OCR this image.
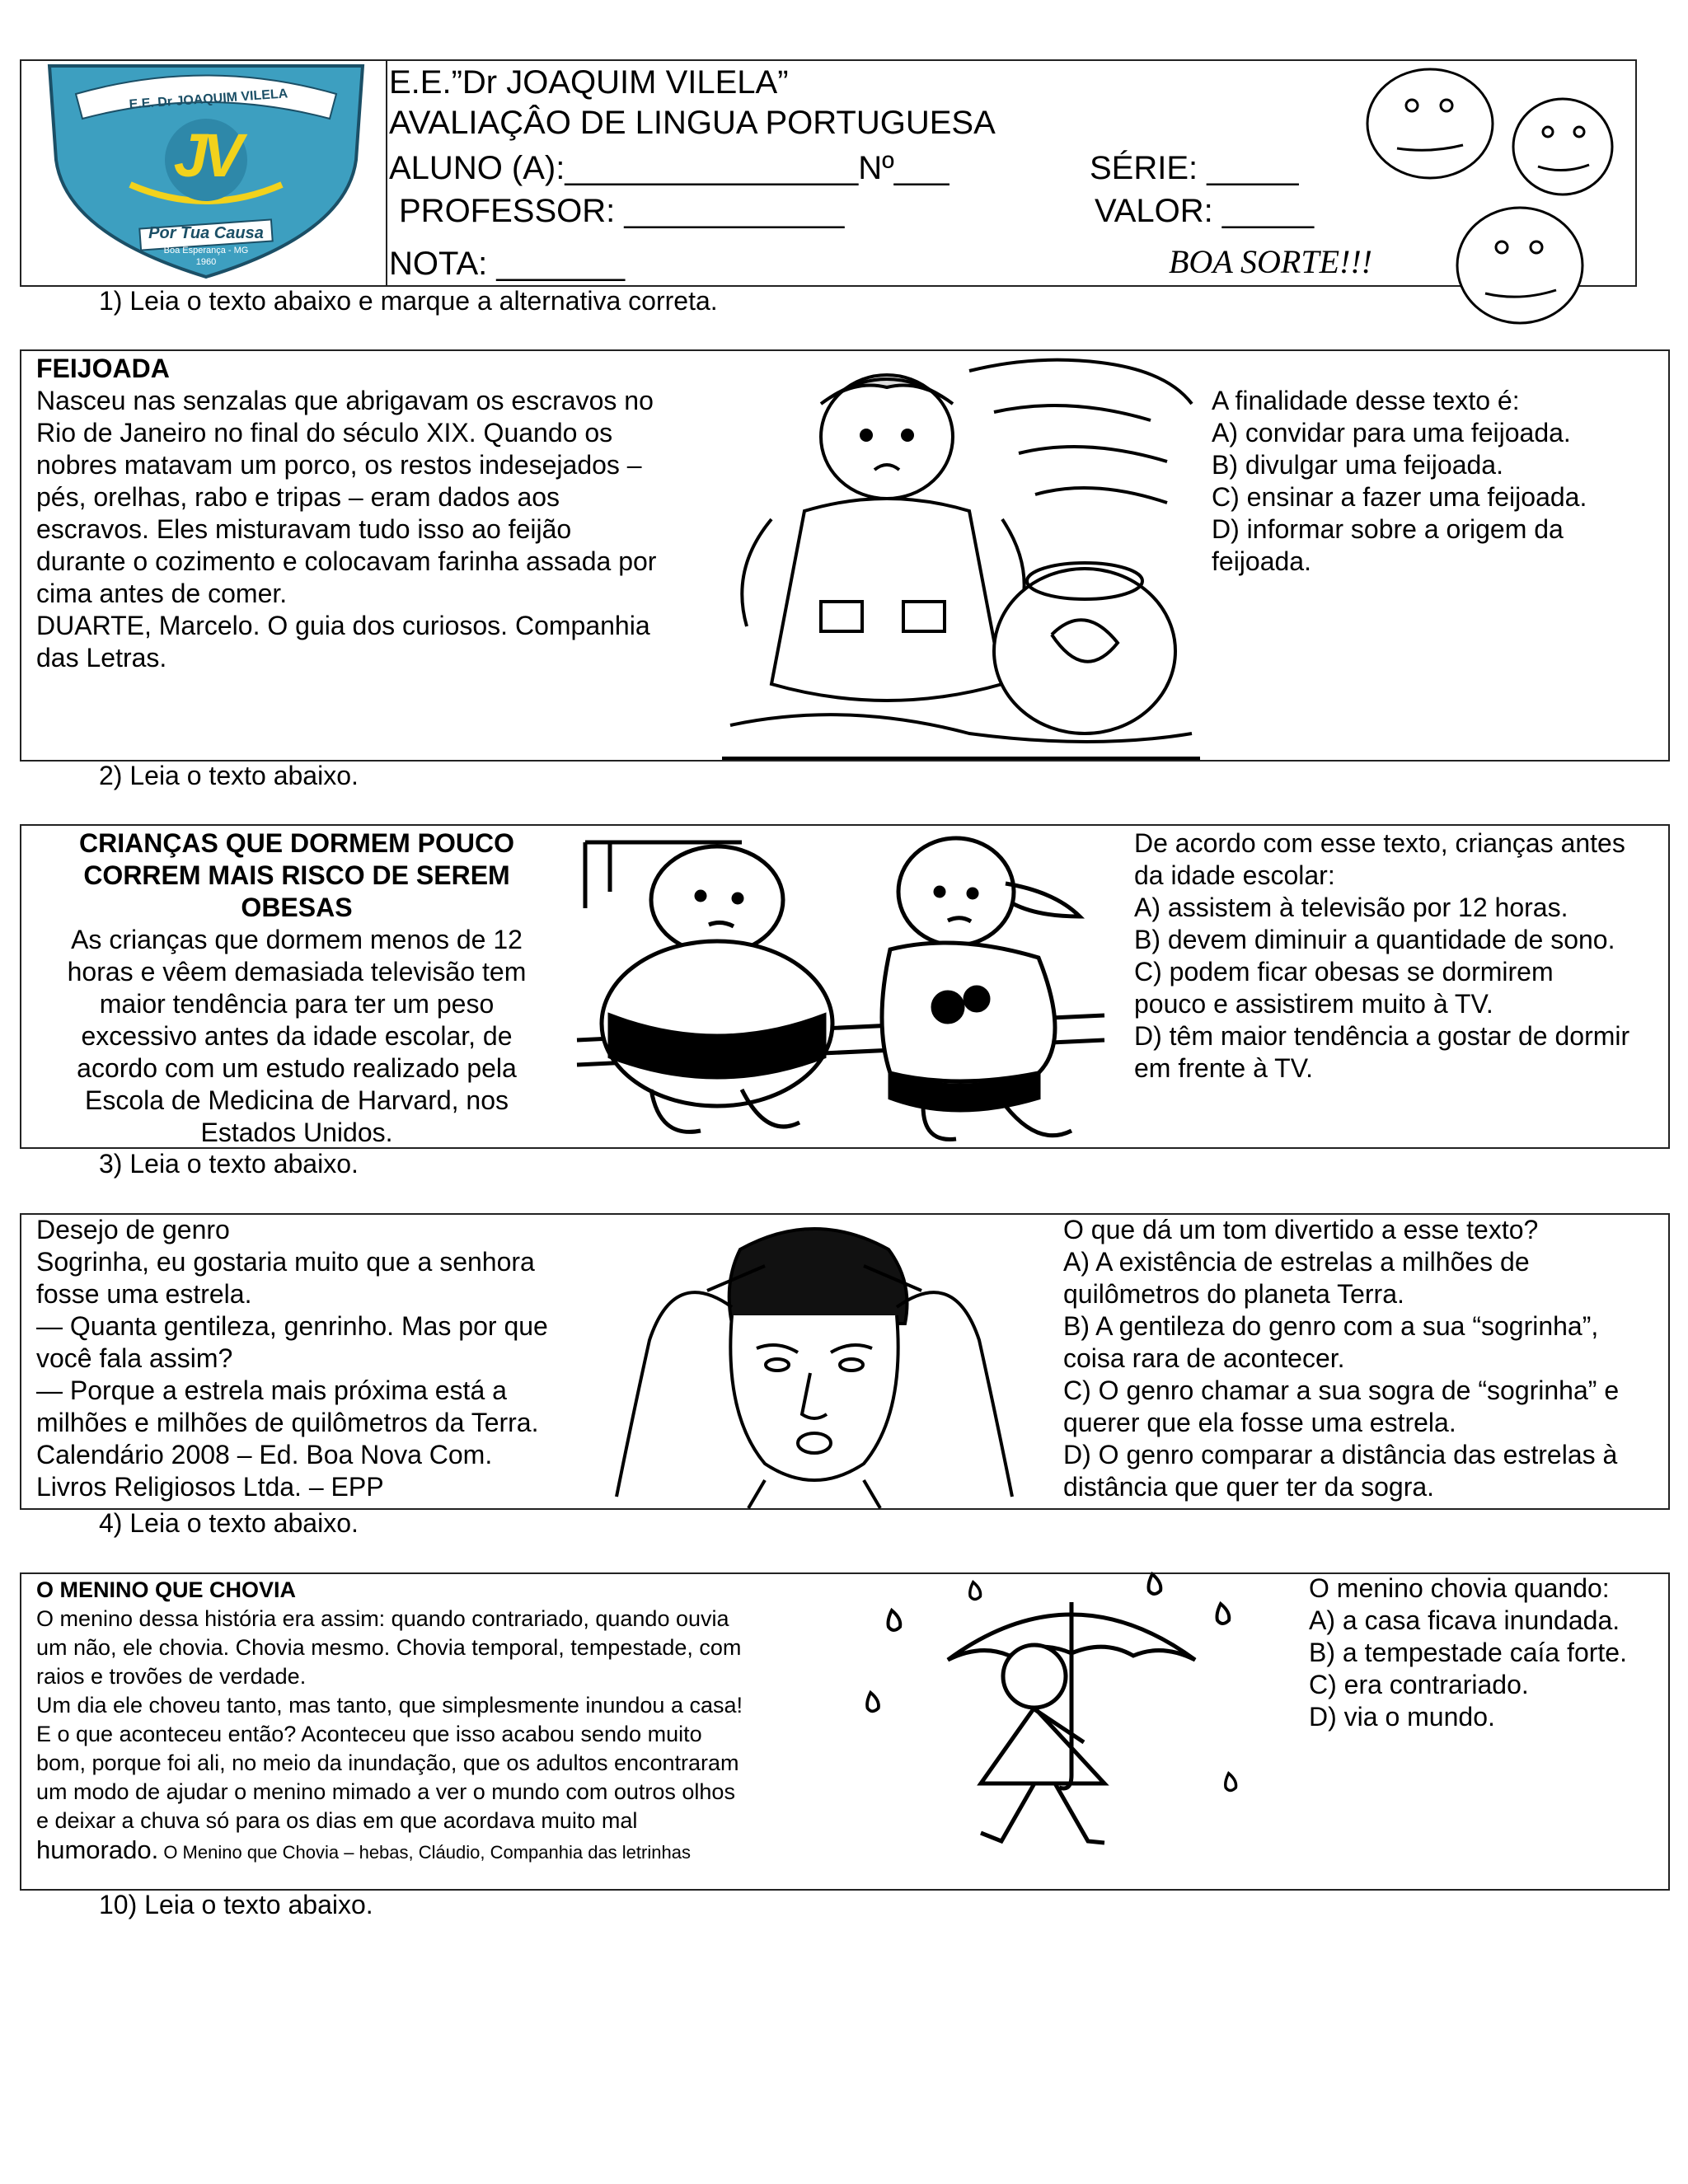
E.E. Dr JOAQUIM VILELA
JV
Por Tua Causa
Boa Esperança - MG
1960
E.E.”Dr JOAQUIM VILELA”
AVALIAÇÂO DE LINGUA PORTUGUESA
ALUNO (A):________________Nº___	SÉRIE: _____
PROFESSOR: ____________	VALOR: _____
NOTA: _______	BOA SORTE!!!
1) Leia o texto abaixo e marque a alternativa correta.
FEIJOADA
Nasceu nas senzalas que abrigavam os escravos no
Rio de Janeiro no final do século XIX. Quando os
nobres matavam um porco, os restos indesejados –
pés, orelhas, rabo e tripas – eram dados aos
escravos. Eles misturavam tudo isso ao feijão
durante o cozimento e colocavam farinha assada por
cima antes de comer.
DUARTE, Marcelo. O guia dos curiosos. Companhia
das Letras.
A finalidade desse texto é:
A) convidar para uma feijoada.
B) divulgar uma feijoada.
C) ensinar a fazer uma feijoada.
D) informar sobre a origem da
feijoada.
2) Leia o texto abaixo.
CRIANÇAS QUE DORMEM POUCO
CORREM MAIS RISCO DE SEREM
OBESAS
As crianças que dormem menos de 12
horas e vêem demasiada televisão tem
maior tendência para ter um peso
excessivo antes da idade escolar, de
acordo com um estudo realizado pela
Escola de Medicina de Harvard, nos
Estados Unidos.
De acordo com esse texto, crianças antes
da idade escolar:
A) assistem à televisão por 12 horas.
B) devem diminuir a quantidade de sono.
C) podem ficar obesas se dormirem
pouco e assistirem muito à TV.
D) têm maior tendência a gostar de dormir
em frente à TV.
3) Leia o texto abaixo.
Desejo de genro
Sogrinha, eu gostaria muito que a senhora
fosse uma estrela.
— Quanta gentileza, genrinho. Mas por que
você fala assim?
— Porque a estrela mais próxima está a
milhões e milhões de quilômetros da Terra.
Calendário 2008 – Ed. Boa Nova Com.
Livros Religiosos Ltda. – EPP
O que dá um tom divertido a esse texto?
A) A existência de estrelas a milhões de
quilômetros do planeta Terra.
B) A gentileza do genro com a sua “sogrinha”,
coisa rara de acontecer.
C) O genro chamar a sua sogra de “sogrinha” e
querer que ela fosse uma estrela.
D) O genro comparar a distância das estrelas à
distância que quer ter da sogra.
4) Leia o texto abaixo.
O MENINO QUE CHOVIA
O menino dessa história era assim: quando contrariado, quando ouvia
um não, ele chovia. Chovia mesmo. Chovia temporal, tempestade, com
raios e trovões de verdade.
Um dia ele choveu tanto, mas tanto, que simplesmente inundou a casa!
E o que aconteceu então? Aconteceu que isso acabou sendo muito
bom, porque foi ali, no meio da inundação, que os adultos encontraram
um modo de ajudar o menino mimado a ver o mundo com outros olhos
e deixar a chuva só para os dias em que acordava muito mal
humorado. O Menino que Chovia – hebas, Cláudio, Companhia das letrinhas
O menino chovia quando:
A) a casa ficava inundada.
B) a tempestade caía forte.
C) era contrariado.
D) via o mundo.
10) Leia o texto abaixo.
